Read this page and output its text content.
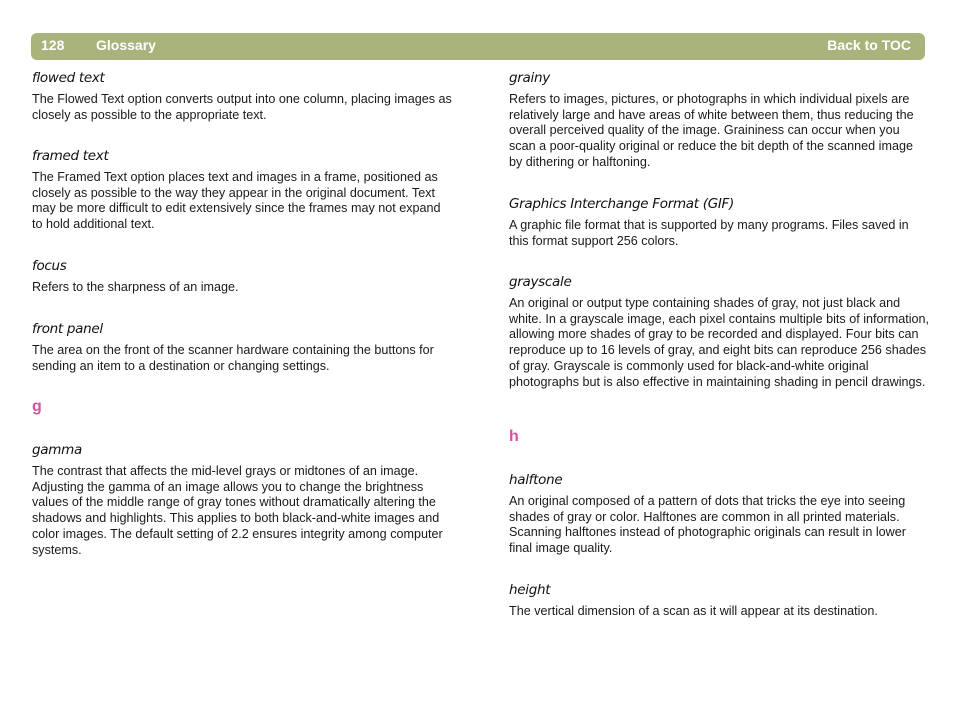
128 Glossary	Back to TOC

flowed text

The Flowed Text option converts output into one column, placing images as closely as possible to the appropriate text.

framed text

The Framed Text option places text and images in a frame, positioned as closely as possible to the way they appear in the original document. Text may be more difficult to edit extensively since the frames may not expand to hold additional text.

focus

Refers to the sharpness of an image.

front panel

The area on the front of the scanner hardware containing the buttons for sending an item to a destination or changing settings.

g

gamma

The contrast that affects the mid-level grays or midtones of an image. Adjusting the gamma of an image allows you to change the brightness values of the middle range of gray tones without dramatically altering the shadows and highlights. This applies to both black-and-white images and color images. The default setting of 2.2 ensures integrity among computer systems.

grainy

Refers to images, pictures, or photographs in which individual pixels are relatively large and have areas of white between them, thus reducing the overall perceived quality of the image. Graininess can occur when you scan a poor-quality original or reduce the bit depth of the scanned image by dithering or halftoning.

Graphics Interchange Format (GIF)

A graphic file format that is supported by many programs. Files saved in this format support 256 colors.

grayscale

An original or output type containing shades of gray, not just black and white. In a grayscale image, each pixel contains multiple bits of information, allowing more shades of gray to be recorded and displayed. Four bits can reproduce up to 16 levels of gray, and eight bits can reproduce 256 shades of gray. Grayscale is commonly used for black-and-white original photographs but is also effective in maintaining shading in pencil drawings.

h

halftone

An original composed of a pattern of dots that tricks the eye into seeing shades of gray or color. Halftones are common in all printed materials. Scanning halftones instead of photographic originals can result in lower final image quality.

height

The vertical dimension of a scan as it will appear at its destination.
